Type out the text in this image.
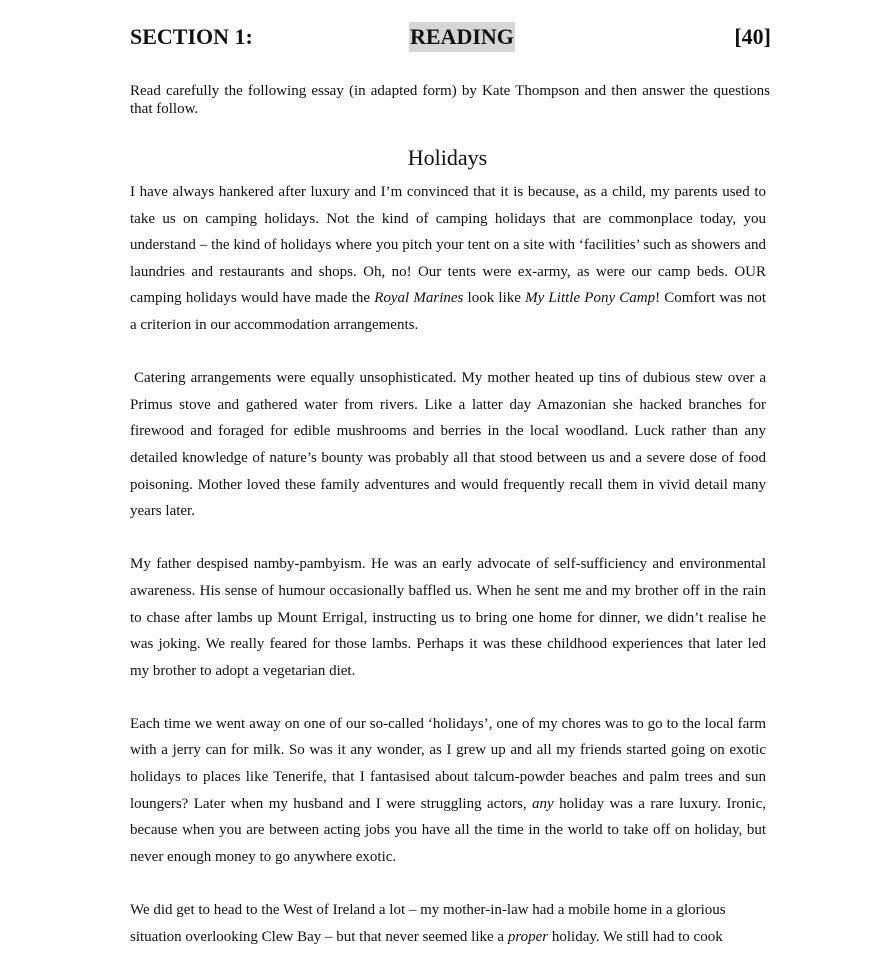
SECTION 1:	READING	[40]
Read carefully the following essay (in adapted form) by Kate Thompson and then answer the questions that follow.
Holidays

I have always hankered after luxury and I’m convinced that it is because, as a child, my parents used to take us on camping holidays. Not the kind of camping holidays that are commonplace today, you understand – the kind of holidays where you pitch your tent on a site with ‘facilities’ such as showers and laundries and restaurants and shops. Oh, no! Our tents were ex-army, as were our camp beds. OUR camping holidays would have made the Royal Marines look like My Little Pony Camp! Comfort was not a criterion in our accommodation arrangements.

Catering arrangements were equally unsophisticated. My mother heated up tins of dubious stew over a Primus stove and gathered water from rivers. Like a latter day Amazonian she hacked branches for firewood and foraged for edible mushrooms and berries in the local woodland. Luck rather than any detailed knowledge of nature’s bounty was probably all that stood between us and a severe dose of food poisoning. Mother loved these family adventures and would frequently recall them in vivid detail many years later.

My father despised namby-pambyism. He was an early advocate of self-sufficiency and environmental awareness. His sense of humour occasionally baffled us. When he sent me and my brother off in the rain to chase after lambs up Mount Errigal, instructing us to bring one home for dinner, we didn’t realise he was joking. We really feared for those lambs. Perhaps it was these childhood experiences that later led my brother to adopt a vegetarian diet.

Each time we went away on one of our so-called ‘holidays’, one of my chores was to go to the local farm with a jerry can for milk. So was it any wonder, as I grew up and all my friends started going on exotic holidays to places like Tenerife, that I fantasised about talcum-powder beaches and palm trees and sun loungers? Later when my husband and I were struggling actors, any holiday was a rare luxury. Ironic, because when you are between acting jobs you have all the time in the world to take off on holiday, but never enough money to go anywhere exotic.

We did get to head to the West of Ireland a lot – my mother-in-law had a mobile home in a glorious situation overlooking Clew Bay – but that never seemed like a proper holiday. We still had to cook
